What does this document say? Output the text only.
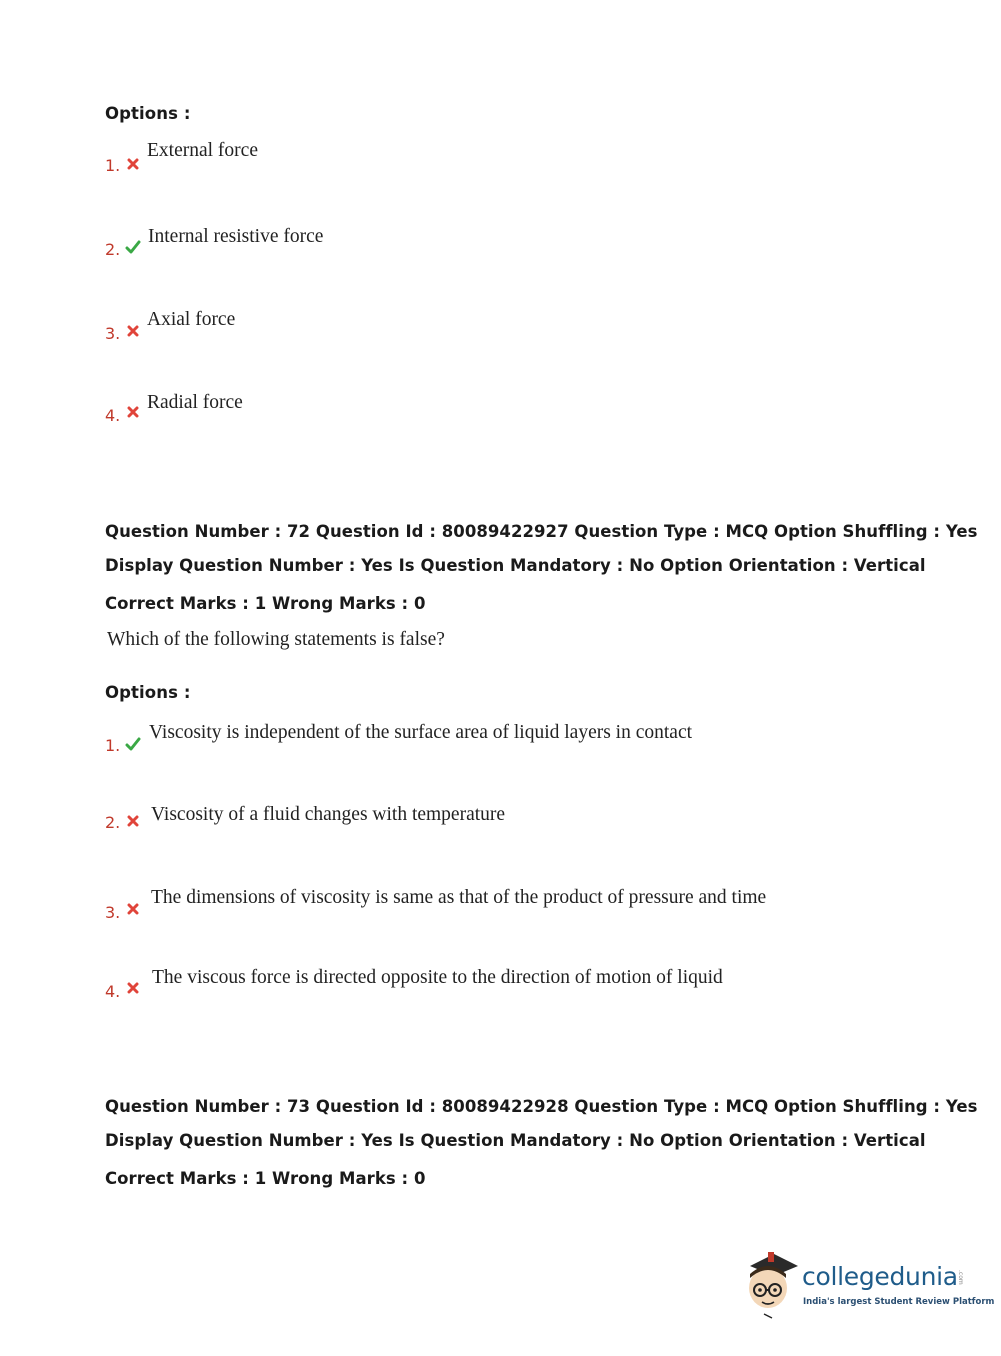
Options :
1.
External force
2.
Internal resistive force
3.
Axial force
4.
Radial force
Question Number : 72 Question Id : 80089422927 Question Type : MCQ Option Shuffling : Yes
Display Question Number : Yes Is Question Mandatory : No Option Orientation : Vertical
Correct Marks : 1 Wrong Marks : 0
Which of the following statements is false?
Options :
1.
Viscosity is independent of the surface area of liquid layers in contact
2. Viscosity of a fluid changes with temperature
3.
The dimensions of viscosity is same as that of the product of pressure and time
4.
The viscous force is directed opposite to the direction of motion of liquid
Question Number : 73 Question Id : 80089422928 Question Type : MCQ Option Shuffling : Yes
Display Question Number : Yes Is Question Mandatory : No Option Orientation : Vertical
Correct Marks : 1 Wrong Marks : 0
collegedunia .com
India's largest Student Review Platform
